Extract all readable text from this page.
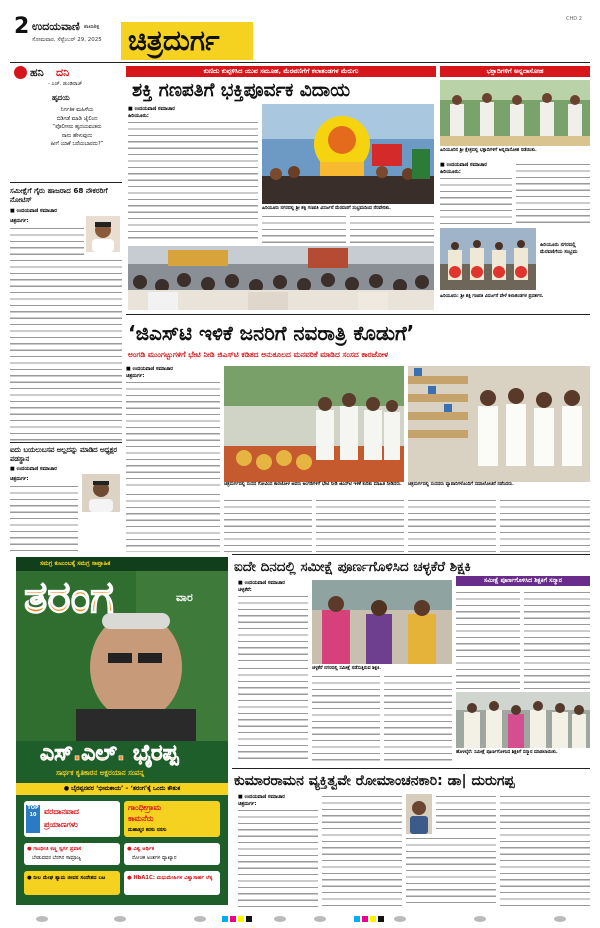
2 ಉದಯವಾಣಿ ಶಾಖಾಶಿಕ್ಷ
ಸೋಮವಾರ, ಸೆಪ್ಟೆಂಬರ್ 29, 2025 ಚಿತ್ರದುರ್ಗ
CHD 2
ಹನಿ ದನಿ
- ಎಚ್. ಡುಂಡಿರಾಜ್
ಹೃದಯ
ನಿರ್ಗತಿಕ ಮಹಿಳೆಯ
ಬಿಡಿಗಡೆ ಮಾಡಿ ಜೈಲಿಂದ
“ಪೊಲೀಸರು ಹೃದಯವಂತರು
ನಾನು ಹೇಳುವುದು
ಹೀಗೆ ಯಾಕೆ ಬರೆಯಬಾರದು?”
ಸಮೀಕ್ಷೆಗೆ ಗೈರು ಹಾಜರಾದ 68 ನೌಕರರಿಗೆ ನೋಟಿಸ್
■ ಉದಯವಾಣಿ ಸಮಾಚಾರ
ಚಿತ್ರದುರ್ಗ:
ಐದು ಬಯಲುಬಸವ ಅಲ್ಲದನ್ನು ಮಾಡಿದ ಅಧ್ಯಕ್ಷರ ಪಡಸ್ಥಾನ
■ ಉದಯವಾಣಿ ಸಮಾಚಾರ
ಚಿತ್ರದುರ್ಗ:
ಕುಣಿದು ಕುಪ್ಪಳಿಸಿದ ಯುವ ಸಮೂಹ, ಮೆರವಣಿಗೆಗೆ ಕಲಾತಂಡಗಳ ಮೆರುಗು
ಶಕ್ತಿ ಗಣಪತಿಗೆ ಭಕ್ತಿಪೂರ್ವಕ ವಿದಾಯ
■ ಉದಯವಾಣಿ ಸಮಾಚಾರ
ಹಿರಿಯೂರು:
ಹಿರಿಯೂರು ನಗರದಲ್ಲಿ ಶ್ರೀ ಶಕ್ತಿ ಗಣಪತಿ ವಿಸರ್ಜನೆ ಮೆರವಣಿಗೆ ಸಂಭ್ರಮದಿಂದ ನೆರವೇರಿತು.
ಭಕ್ತಾದಿಗಳಿಗೆ ಅನ್ನದಾಸೋಹ
ಹಿರಿಯೂರಿನ ಶ್ರೀ ಕ್ಷೇತ್ರದಲ್ಲಿ ಭಕ್ತಾದಿಗಳಿಗೆ ಅನ್ನದಾಸೋಹ ನಡೆಯಿತು.
■ ಉದಯವಾಣಿ ಸಮಾಚಾರ
ಹಿರಿಯೂರು:
ಹಿರಿಯೂರು ನಗರದಲ್ಲಿ ಮೆರವಣಿಗೆಯ ಸಂಭ್ರಮ
ಹಿರಿಯೂರು: ಶ್ರೀ ಶಕ್ತಿ ಗಣಪತಿ ವಿಸರ್ಜನೆ ವೇಳೆ ಕಲಾತಂಡಗಳ ಪ್ರದರ್ಶನ.
‘ಜಿಎಸ್‌ಟಿ ಇಳಿಕೆ ಜನರಿಗೆ ನವರಾತ್ರಿ ಕೊಡುಗೆ’
ಅಂಗಡಿ ಮುಂಗಟ್ಟುಗಳಿಗೆ ಭೇಟಿ ನೀಡಿ ಜಿಎಸ್‌ಟಿ ಕಡಿತದ ಅನುಕೂಲದ ಮನವರಿಕೆ ಮಾಡಿದ ಸಂಸದ ಕಾರಜೋಳ
■ ಉದಯವಾಣಿ ಸಮಾಚಾರ
ಚಿತ್ರದುರ್ಗ:
ಚಿತ್ರದುರ್ಗದಲ್ಲಿ ಸಂಸದ ಗೋವಿಂದ ಕಾರಜೋಳ ಅವರು ಅಂಗಡಿಗಳಿಗೆ ಭೇಟಿ ನೀಡಿ ಜಿಎಸ್‌ಟಿ ಇಳಿಕೆ ಕುರಿತು ಮಾಹಿತಿ ನೀಡಿದರು.	ಚಿತ್ರದುರ್ಗದಲ್ಲಿ ಸಂಸದರು ವ್ಯಾಪಾರಿಗಳೊಂದಿಗೆ ಸಮಾಲೋಚನೆ ನಡೆಸಿದರು.
ಸಮಗ್ರ ಕುಟುಂಬಕ್ಕೆ ಸಮಗ್ರ ಸಾಪ್ತಾಹಿಕ
ತರಂಗ	ವಾರ
ಎಸ್.ಎಲ್. ಭೈರಪ್ಪ
ಸಾರ್ಥಕ ಕೃತಿಕಾರನ ಅಕ್ಷರಯಾನ ಸಂಪನ್ನ
● ಬೈರಪ್ಪನವರ ‘ಭೀಮಕಾಯ’ – ‘ತರಂಗ’ಕ್ಕೆ ಒಂದು ಕೌತುಕ
TOP 10 ವರದಾನವಾದ
ಪ್ರಯಾಣಗಳು
ಗಾಂಧೀಗ್ರಾಮ
ಕಾಮನೆರು
ಮಹಾತ್ಮರ ಕನಸು ನನಸು
● ಗಾಂಧೀಜಿ ಕಣ್ಣ ಸ್ವರ್ಗ ಪ್ರವಾಸ
ಬೇಡುವವರ ಬೆರಗಿನ ಸಾಮ್ರಾಜ್ಯ
● ವಿಶ್ವ ಆರ್ಥಿಕ
ರೋಚಕ ಅಂಶಗಳ ವ್ಯಾಖ್ಯಾನ
● ನೀಲ ಮೇಘ ಶ್ಯಾಮ ಜೀವನ ಸಂದೇಶದ ಬಟ	● HbA1C: ಮಧುಮೇಹಿಗಳ ವಿಶ್ವಾಸಾರ್ಹ ಲೆಕ್ಕ
ಐದೇ ದಿನದಲ್ಲಿ ಸಮೀಕ್ಷೆ ಪೂರ್ಣಗೊಳಿಸಿದ ಚಳ್ಳಕೆರೆ ಶಿಕ್ಷಕಿ
■ ಉದಯವಾಣಿ ಸಮಾಚಾರ
ಚಳ್ಳಕೆರೆ:
ಚಳ್ಳಕೆರೆ ನಗರದಲ್ಲಿ ಸಮೀಕ್ಷೆ ನಡೆಸುತ್ತಿರುವ ಶಿಕ್ಷಕಿ.
ಸಮೀಕ್ಷೆ ಪೂರ್ಣಗೊಳಿಸಿದ ಶಿಕ್ಷಕಿಗೆ ಸನ್ಮಾನ
ಹೊಳಲ್ಕೆರೆ: ಸಮೀಕ್ಷೆ ಪೂರ್ಣಗೊಳಿಸಿದ ಶಿಕ್ಷಕಿಗೆ ಸನ್ಮಾನ ಮಾಡಲಾಯಿತು.
ಕುಮಾರರಾಮನ ವ್ಯಕ್ತಿತ್ವವೇ ರೋಮಾಂಚನಕಾರಿ: ಡಾ| ದುರುಗಪ್ಪ
■ ಉದಯವಾಣಿ ಸಮಾಚಾರ
ಚಿತ್ರದುರ್ಗ:
